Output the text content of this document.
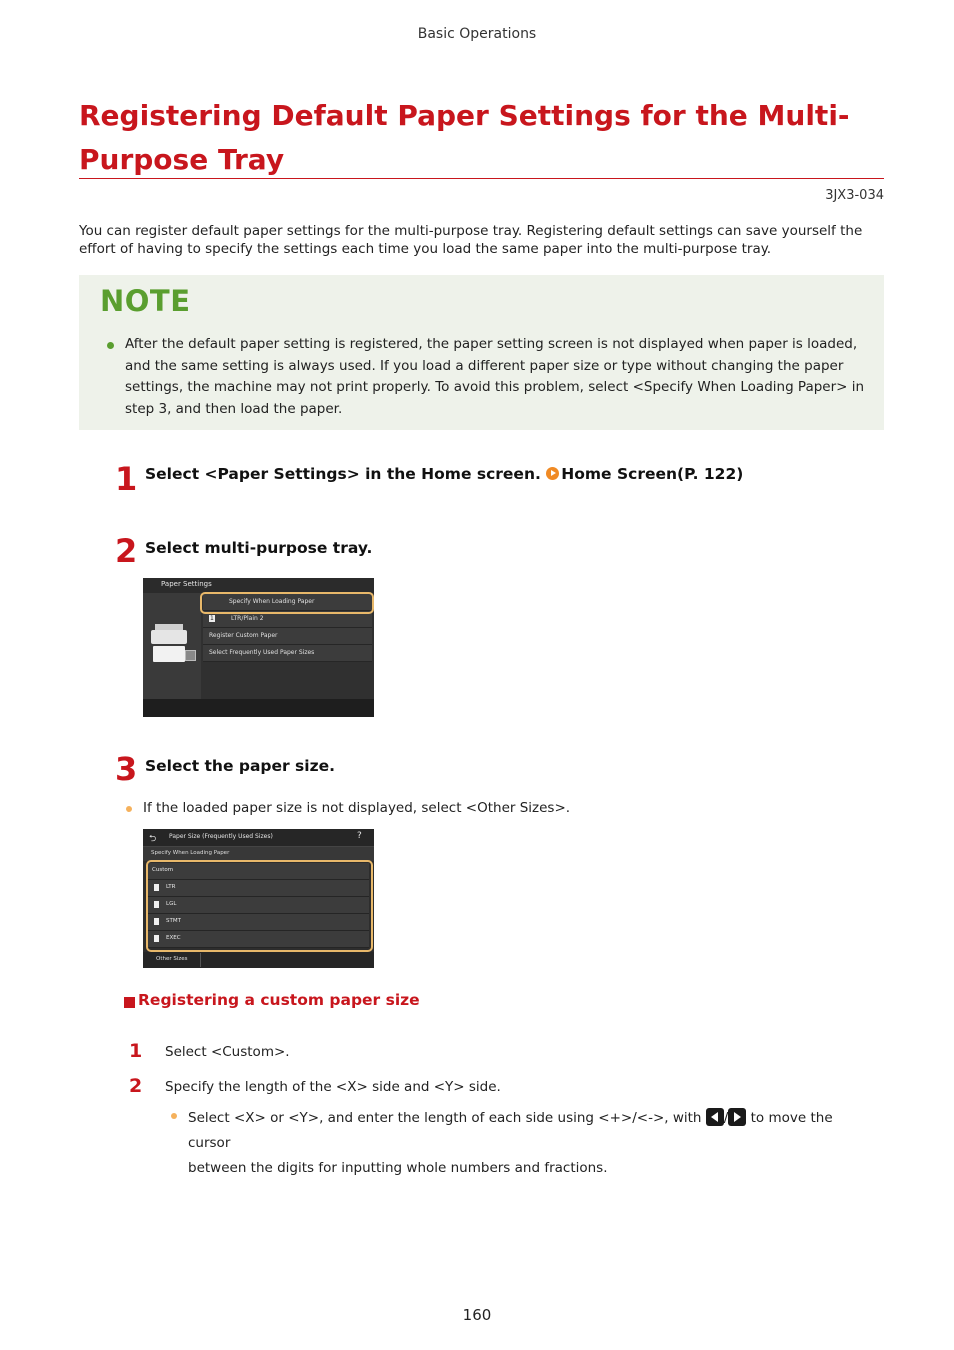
Basic Operations
Registering Default Paper Settings for the Multi-
Purpose Tray
3JX3-034
You can register default paper settings for the multi-purpose tray. Registering default settings can save yourself the effort of having to specify the settings each time you load the same paper into the multi-purpose tray.
NOTE
After the default paper setting is registered, the paper setting screen is not displayed when paper is loaded, and the same setting is always used. If you load a different paper size or type without changing the paper settings, the machine may not print properly. To avoid this problem, select <Specify When Loading Paper> in step 3, and then load the paper.
1 Select <Paper Settings> in the Home screen. Home Screen(P. 122)
2 Select multi-purpose tray.
Paper Settings
Specify When Loading Paper
1	LTR/Plain 2
Register Custom Paper
Select Frequently Used Paper Sizes
3 Select the paper size.
If the loaded paper size is not displayed, select <Other Sizes>.
⮌ Paper Size (Frequently Used Sizes)	?
Specify When Loading Paper
Custom
LTR
LGL
STMT
EXEC
Other Sizes
Registering a custom paper size
1 Select <Custom>.
2 Specify the length of the <X> side and <Y> side.
Select <X> or <Y>, and enter the length of each side using <+>/<->, with / to move the cursor
between the digits for inputting whole numbers and fractions.
160
